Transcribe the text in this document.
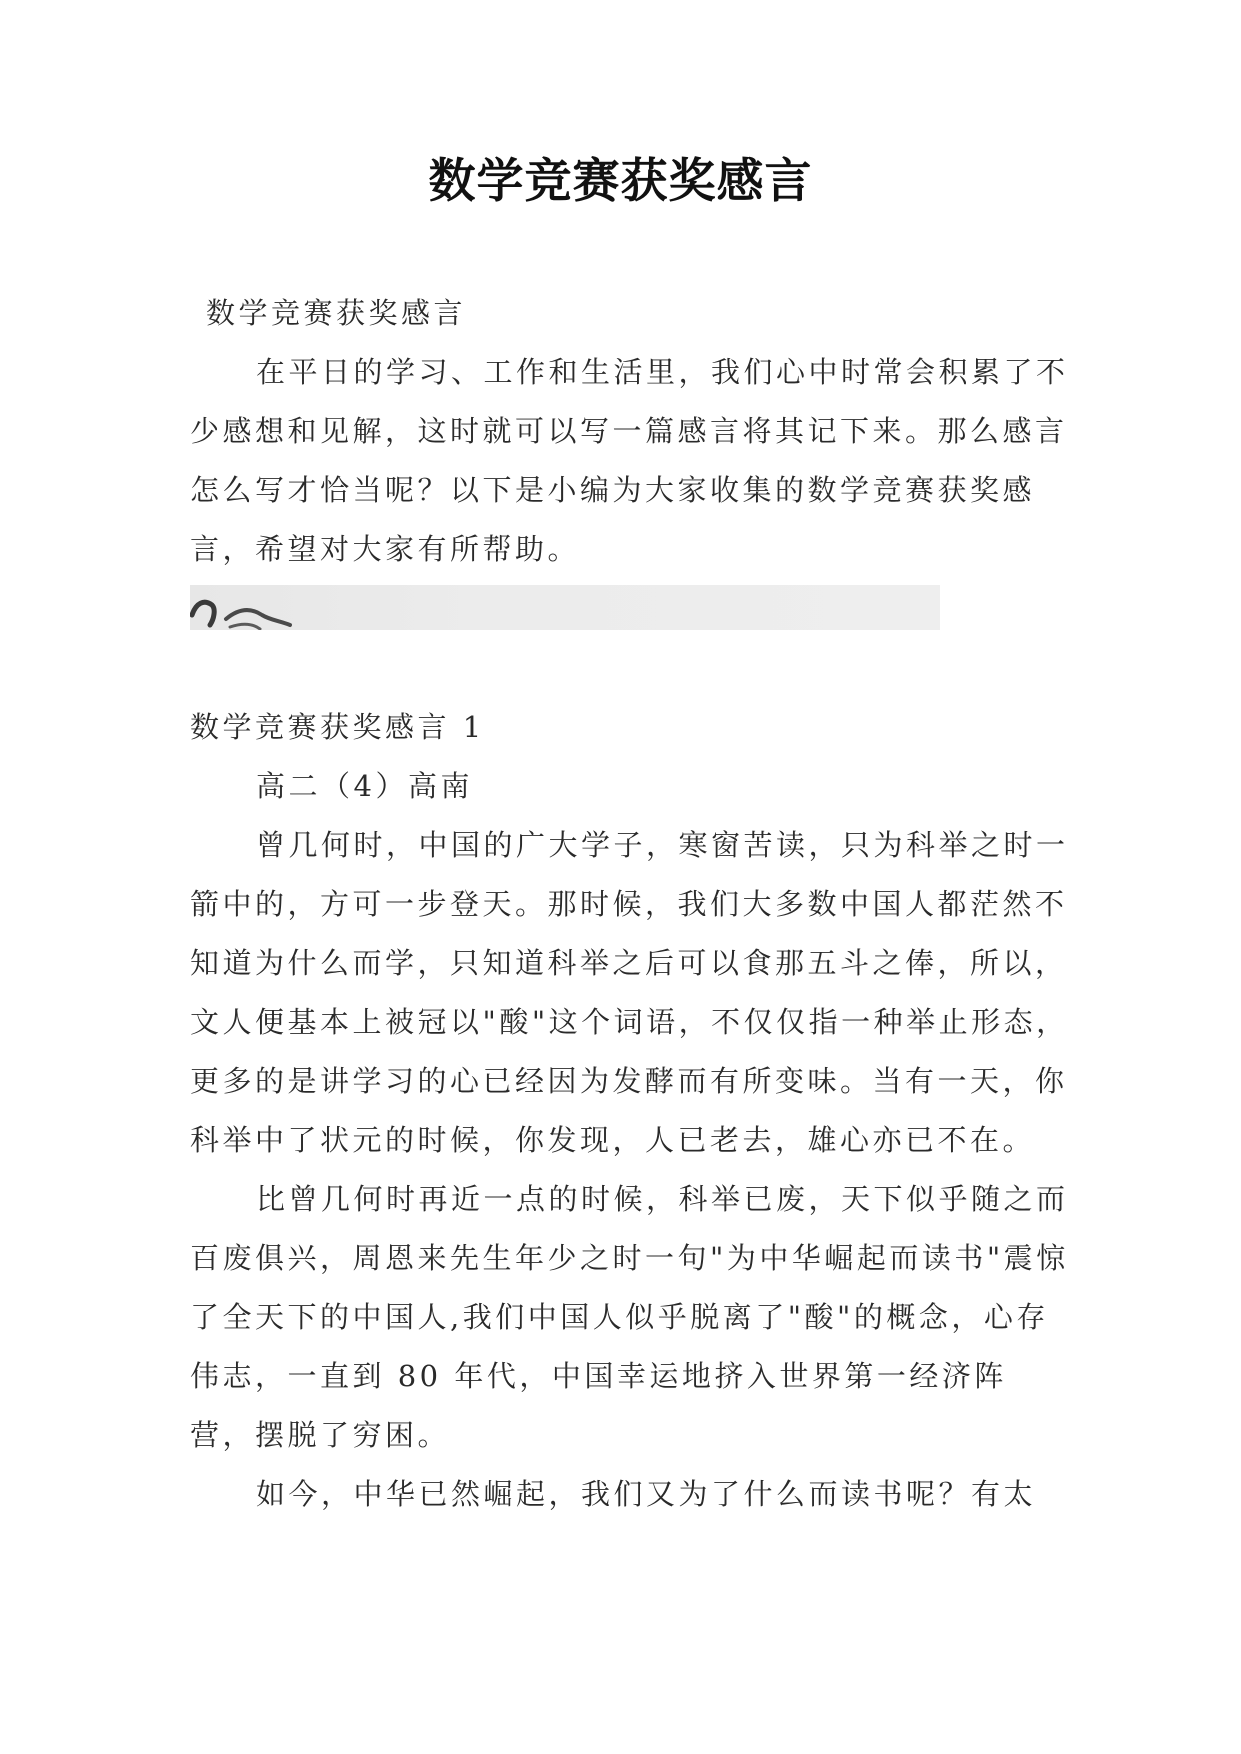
数学竞赛获奖感言

数学竞赛获奖感言

在平日的学习、工作和生活里，我们心中时常会积累了不少感想和见解，这时就可以写一篇感言将其记下来。那么感言怎么写才恰当呢？以下是小编为大家收集的数学竞赛获奖感言，希望对大家有所帮助。

数学竞赛获奖感言 1

高二（4）高南

曾几何时，中国的广大学子，寒窗苦读，只为科举之时一箭中的，方可一步登天。那时候，我们大多数中国人都茫然不知道为什么而学，只知道科举之后可以食那五斗之俸，所以，文人便基本上被冠以"酸"这个词语，不仅仅指一种举止形态，更多的是讲学习的心已经因为发酵而有所变味。当有一天，你科举中了状元的时候，你发现，人已老去，雄心亦已不在。

比曾几何时再近一点的时候，科举已废，天下似乎随之而百废俱兴，周恩来先生年少之时一句"为中华崛起而读书"震惊了全天下的中国人,我们中国人似乎脱离了"酸"的概念，心存伟志，一直到 80 年代，中国幸运地挤入世界第一经济阵营，摆脱了穷困。

如今，中华已然崛起，我们又为了什么而读书呢？有太
